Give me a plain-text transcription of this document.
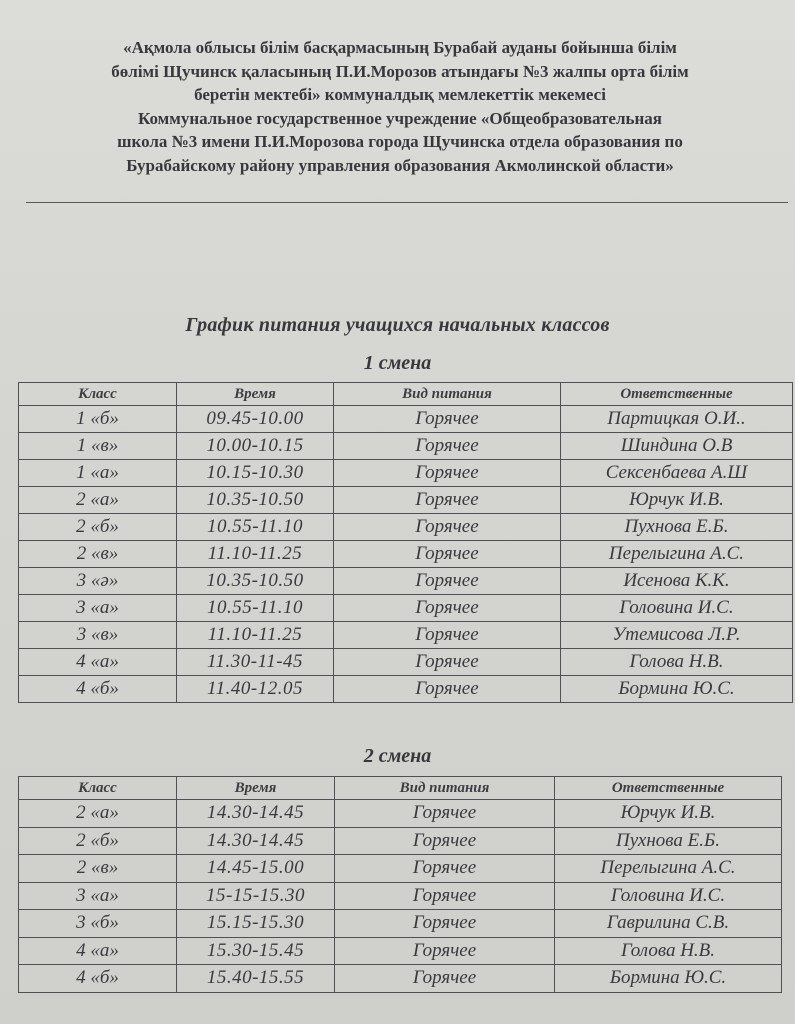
«Ақмола облысы білім басқармасының Бурабай ауданы бойынша білім
бөлімі Щучинск қаласының П.И.Морозов атындағы №3 жалпы орта білім
беретін мектебі» коммуналдық мемлекеттік мекемесі
Коммунальное государственное учреждение «Общеобразовательная
школа №3 имени П.И.Морозова города Щучинска отдела образования по
Бурабайскому району управления образования Акмолинской области»
График питания учащихся начальных классов
1 смена
Класс	Время	Вид питания	Ответственные
1 «б»	09.45-10.00	Горячее	Партицкая О.И..
1 «в»	10.00-10.15	Горячее	Шиндина О.В
1 «а»	10.15-10.30	Горячее	Сексенбаева А.Ш
2 «а»	10.35-10.50	Горячее	Юрчук И.В.
2 «б»	10.55-11.10	Горячее	Пухнова Е.Б.
2 «в»	11.10-11.25	Горячее	Перелыгина А.С.
3 «ә»	10.35-10.50	Горячее	Исенова К.К.
3 «а»	10.55-11.10	Горячее	Головина И.С.
3 «в»	11.10-11.25	Горячее	Утемисова Л.Р.
4 «а»	11.30-11-45	Горячее	Голова Н.В.
4 «б»	11.40-12.05	Горячее	Бормина Ю.С.
2 смена
Класс	Время	Вид питания	Ответственные
2 «а»	14.30-14.45	Горячее	Юрчук И.В.
2 «б»	14.30-14.45	Горячее	Пухнова Е.Б.
2 «в»	14.45-15.00	Горячее	Перелыгина А.С.
3 «а»	15-15-15.30	Горячее	Головина И.С.
3 «б»	15.15-15.30	Горячее	Гаврилина С.В.
4 «а»	15.30-15.45	Горячее	Голова Н.В.
4 «б»	15.40-15.55	Горячее	Бормина Ю.С.
